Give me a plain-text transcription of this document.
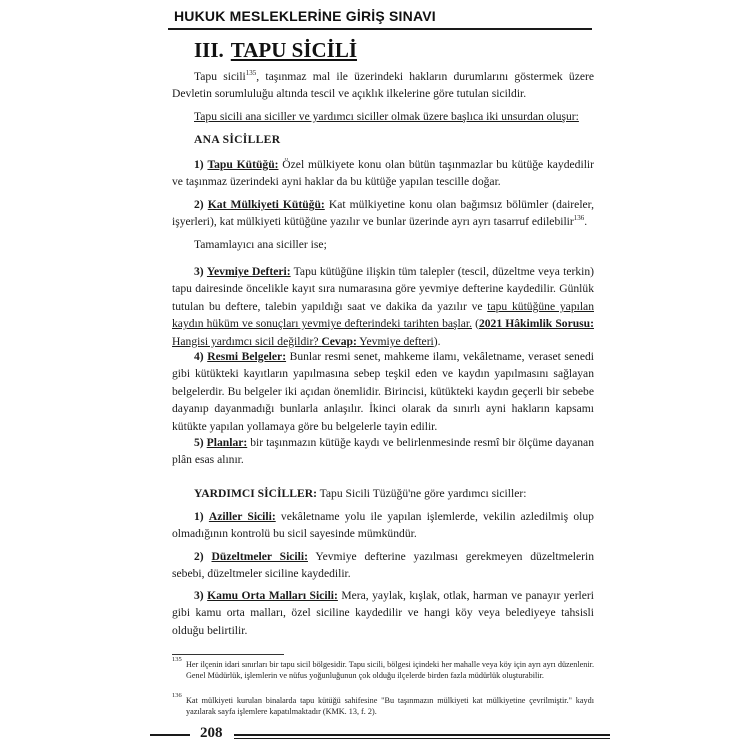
HUKUK MESLEKLERİNE GİRİŞ SINAVI
III. TAPU SİCİLİ

Tapu sicili$^{135}$, taşınmaz mal ile üzerindeki hakların durumlarını göstermek üzere Devletin sorumluluğu altında tescil ve açıklık ilkelerine göre tutulan sicildir.

Tapu sicili ana siciller ve yardımcı siciller olmak üzere başlıca iki unsurdan oluşur:

ANA SİCİLLER

1) Tapu Kütüğü: Özel mülkiyete konu olan bütün taşınmazlar bu kütüğe kaydedilir ve taşınmaz üzerindeki ayni haklar da bu kütüğe yapılan tescille doğar.

2) Kat Mülkiyeti Kütüğü: Kat mülkiyetine konu olan bağımsız bölümler (daireler, işyerleri), kat mülkiyeti kütüğüne yazılır ve bunlar üzerinde ayrı ayrı tasarruf edilebilir$^{136}$.

Tamamlayıcı ana siciller ise;

3) Yevmiye Defteri: Tapu kütüğüne ilişkin tüm talepler (tescil, düzeltme veya terkin) tapu dairesinde öncelikle kayıt sıra numarasına göre yevmiye defterine kaydedilir. Günlük tutulan bu deftere, talebin yapıldığı saat ve dakika da yazılır ve tapu kütüğüne yapılan kaydın hüküm ve sonuçları yevmiye defterindeki tarihten başlar. (2021 Hâkimlik Sorusu: Hangisi yardımcı sicil değildir? Cevap: Yevmiye defteri).

4) Resmi Belgeler: Bunlar resmi senet, mahkeme ilamı, vekâletname, veraset senedi gibi kütükteki kayıtların yapılmasına sebep teşkil eden ve kaydın yapılmasını sağlayan belgelerdir. Bu belgeler iki açıdan önemlidir. Birincisi, kütükteki kaydın geçerli bir sebebe dayanıp dayanmadığı bunlarla anlaşılır. İkinci olarak da sınırlı ayni hakların kapsamı kütükte yapılan yollamaya göre bu belgelerle tayin edilir.

5) Planlar: bir taşınmazın kütüğe kaydı ve belirlenmesinde resmî bir ölçüme dayanan plân esas alınır.

YARDIMCI SİCİLLER: Tapu Sicili Tüzüğü'ne göre yardımcı siciller:

1) Aziller Sicili: vekâletname yolu ile yapılan işlemlerde, vekilin azledilmiş olup olmadığının kontrolü bu sicil sayesinde mümkündür.

2) Düzeltmeler Sicili: Yevmiye defterine yazılması gerekmeyen düzeltmelerin sebebi, düzeltmeler siciline kaydedilir.

3) Kamu Orta Malları Sicili: Mera, yaylak, kışlak, otlak, harman ve panayır yerleri gibi kamu orta malları, özel siciline kaydedilir ve hangi köy veya belediyeye tahsisli olduğu belirtilir.

135
Her ilçenin idari sınırları bir tapu sicil bölgesidir. Tapu sicili, bölgesi içindeki her mahalle veya köy için ayrı ayrı düzenlenir. Genel Müdürlük, işlemlerin ve nüfus yoğunluğunun çok olduğu ilçelerde birden fazla müdürlük oluşturabilir.
136
Kat mülkiyeti kurulan binalarda tapu kütüğü sahifesine "Bu taşınmazın mülkiyeti kat mülkiyetine çevrilmiştir." kaydı yazılarak sayfa işlemlere kapatılmaktadır (KMK. 13, f. 2).
208
